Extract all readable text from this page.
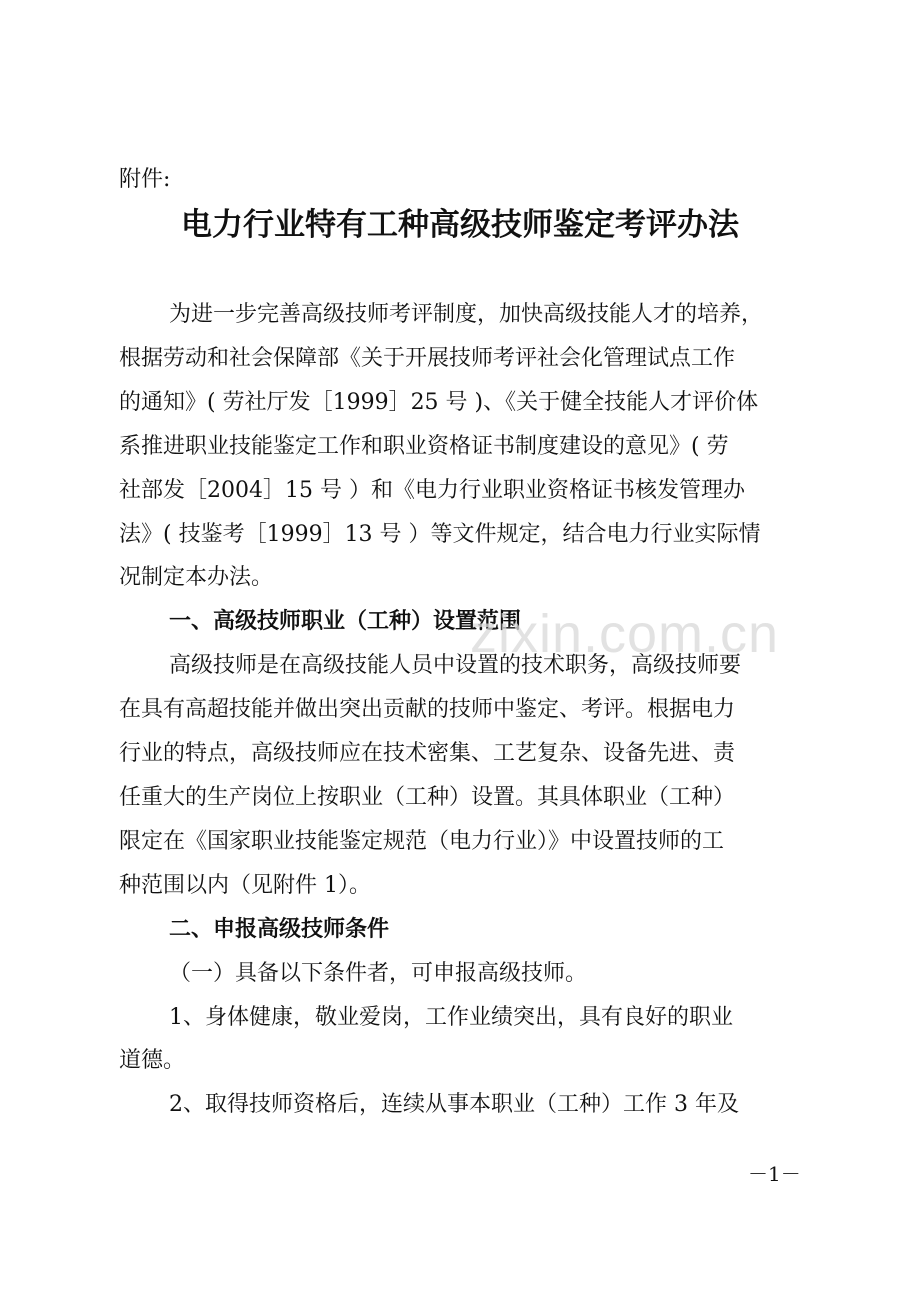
附件:
电力行业特有工种高级技师鉴定考评办法

为进一步完善高级技师考评制度，加快高级技能人才的培养，
根据劳动和社会保障部《关于开展技师考评社会化管理试点工作
的通知》( 劳社厅发［1999］25 号 )、《关于健全技能人才评价体
系推进职业技能鉴定工作和职业资格证书制度建设的意见》( 劳
社部发［2004］15 号 ）和《电力行业职业资格证书核发管理办
法》( 技鉴考［1999］13 号 ）等文件规定，结合电力行业实际情
况制定本办法。

一、高级技师职业（工种）设置范围

高级技师是在高级技能人员中设置的技术职务，高级技师要
在具有高超技能并做出突出贡献的技师中鉴定、考评。根据电力
行业的特点，高级技师应在技术密集、工艺复杂、设备先进、责
任重大的生产岗位上按职业（工种）设置。其具体职业（工种）
限定在《国家职业技能鉴定规范（电力行业）》中设置技师的工
种范围以内（见附件 1）。

二、申报高级技师条件

（一）具备以下条件者，可申报高级技师。

1、身体健康，敬业爱岗，工作业绩突出，具有良好的职业
道德。

2、取得技师资格后，连续从事本职业（工种）工作 3 年及

zixin.com.cn
－1－
